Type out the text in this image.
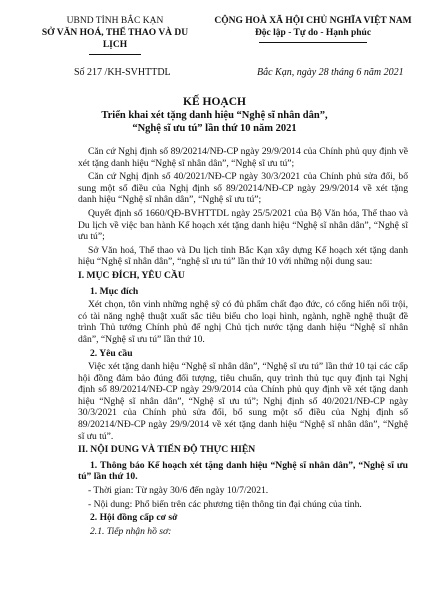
UBND TỈNH BẮC KẠN
SỞ VĂN HOÁ, THỂ THAO VÀ DU LỊCH
CỘNG HOÀ XÃ HỘI CHỦ NGHĨA VIỆT NAM
Độc lập - Tự do - Hạnh phúc
Số 217 /KH-SVHTTDL	Bắc Kạn, ngày 28 tháng 6 năm 2021
KẾ HOẠCH
Triển khai xét tặng danh hiệu “Nghệ sĩ nhân dân”,
“Nghệ sĩ ưu tú” lần thứ 10 năm 2021

Căn cứ Nghị định số 89/20214/NĐ-CP ngày 29/9/2014 của Chính phủ quy định về xét tặng danh hiệu “Nghệ sĩ nhân dân”, “Nghệ sĩ ưu tú”;

Căn cứ Nghị định số 40/2021/NĐ-CP ngày 30/3/2021 của Chính phủ sửa đổi, bổ sung một số điều của Nghị định số 89/20214/NĐ-CP ngày 29/9/2014 về xét tặng danh hiệu “Nghệ sĩ nhân dân”, “Nghệ sĩ ưu tú”;

Quyết định số 1660/QĐ-BVHTTDL ngày 25/5/2021 của Bộ Văn hóa, Thể thao và Du lịch về việc ban hành Kế hoạch xét tặng danh hiệu “Nghệ sĩ nhân dân”, “Nghệ sĩ ưu tú”;

Sở Văn hoá, Thể thao và Du lịch tỉnh Bắc Kạn xây dựng Kế hoạch xét tặng danh hiệu “Nghệ sĩ nhân dân”, “nghệ sĩ ưu tú” lần thứ 10 với những nội dung sau:

I. MỤC ĐÍCH, YÊU CẦU

1. Mục đích

Xét chọn, tôn vinh những nghệ sỹ có đủ phẩm chất đạo đức, có cống hiến nổi trội, có tài năng nghệ thuật xuất sắc tiêu biểu cho loại hình, ngành, nghề nghệ thuật đề trình Thủ tướng Chính phủ để nghị Chủ tịch nước tặng danh hiệu “Nghệ sĩ nhân dân”, “Nghệ sĩ ưu tú” lần thứ 10.

2. Yêu cầu

Việc xét tặng danh hiệu “Nghệ sĩ nhân dân”, “Nghệ sĩ ưu tú” lần thứ 10 tại các cấp hội đồng đảm bảo đúng đối tượng, tiêu chuẩn, quy trình thủ tục quy định tại Nghị định số 89/20214/NĐ-CP ngày 29/9/2014 của Chính phủ quy định về xét tặng danh hiệu “Nghệ sĩ nhân dân”, “Nghệ sĩ ưu tú”; Nghị định số 40/2021/NĐ-CP ngày 30/3/2021 của Chính phủ sửa đổi, bổ sung một số điều của Nghị định số 89/20214/NĐ-CP ngày 29/9/2014 về xét tặng danh hiệu “Nghệ sĩ nhân dân”, “Nghệ sĩ ưu tú”.

II. NỘI DUNG VÀ TIẾN ĐỘ THỰC HIỆN

1. Thông báo Kế hoạch xét tặng danh hiệu “Nghệ sĩ nhân dân”, “Nghệ sĩ ưu tú” lần thứ 10.

- Thời gian: Từ ngày 30/6 đến ngày 10/7/2021.

- Nội dung: Phổ biến trên các phương tiện thông tin đại chúng của tỉnh.

2. Hội đồng cấp cơ sở

2.1. Tiếp nhận hồ sơ:
